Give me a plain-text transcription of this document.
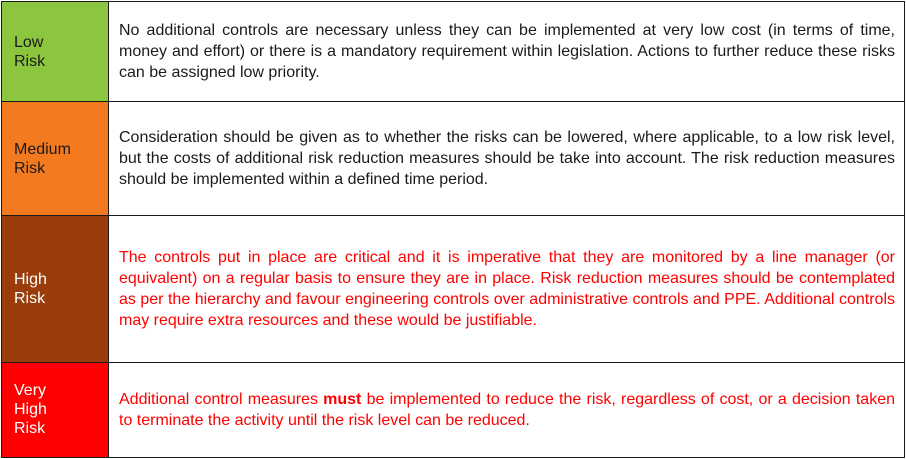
Low
Risk	No additional controls are necessary unless they can be implemented at very low cost (in terms of time, money and effort) or there is a mandatory requirement within legislation. Actions to further reduce these risks can be assigned low priority.

Medium
Risk	Consideration should be given as to whether the risks can be lowered, where applicable, to a low risk level, but the costs of additional risk reduction measures should be take into account. The risk reduction measures should be implemented within a defined time period.

High
Risk	The controls put in place are critical and it is imperative that they are monitored by a line manager (or equivalent) on a regular basis to ensure they are in place. Risk reduction measures should be contemplated as per the hierarchy and favour engineering controls over administrative controls and PPE. Additional controls may require extra resources and these would be justifiable.

Very
High
Risk	Additional control measures must be implemented to reduce the risk, regardless of cost, or a decision taken to terminate the activity until the risk level can be reduced.
